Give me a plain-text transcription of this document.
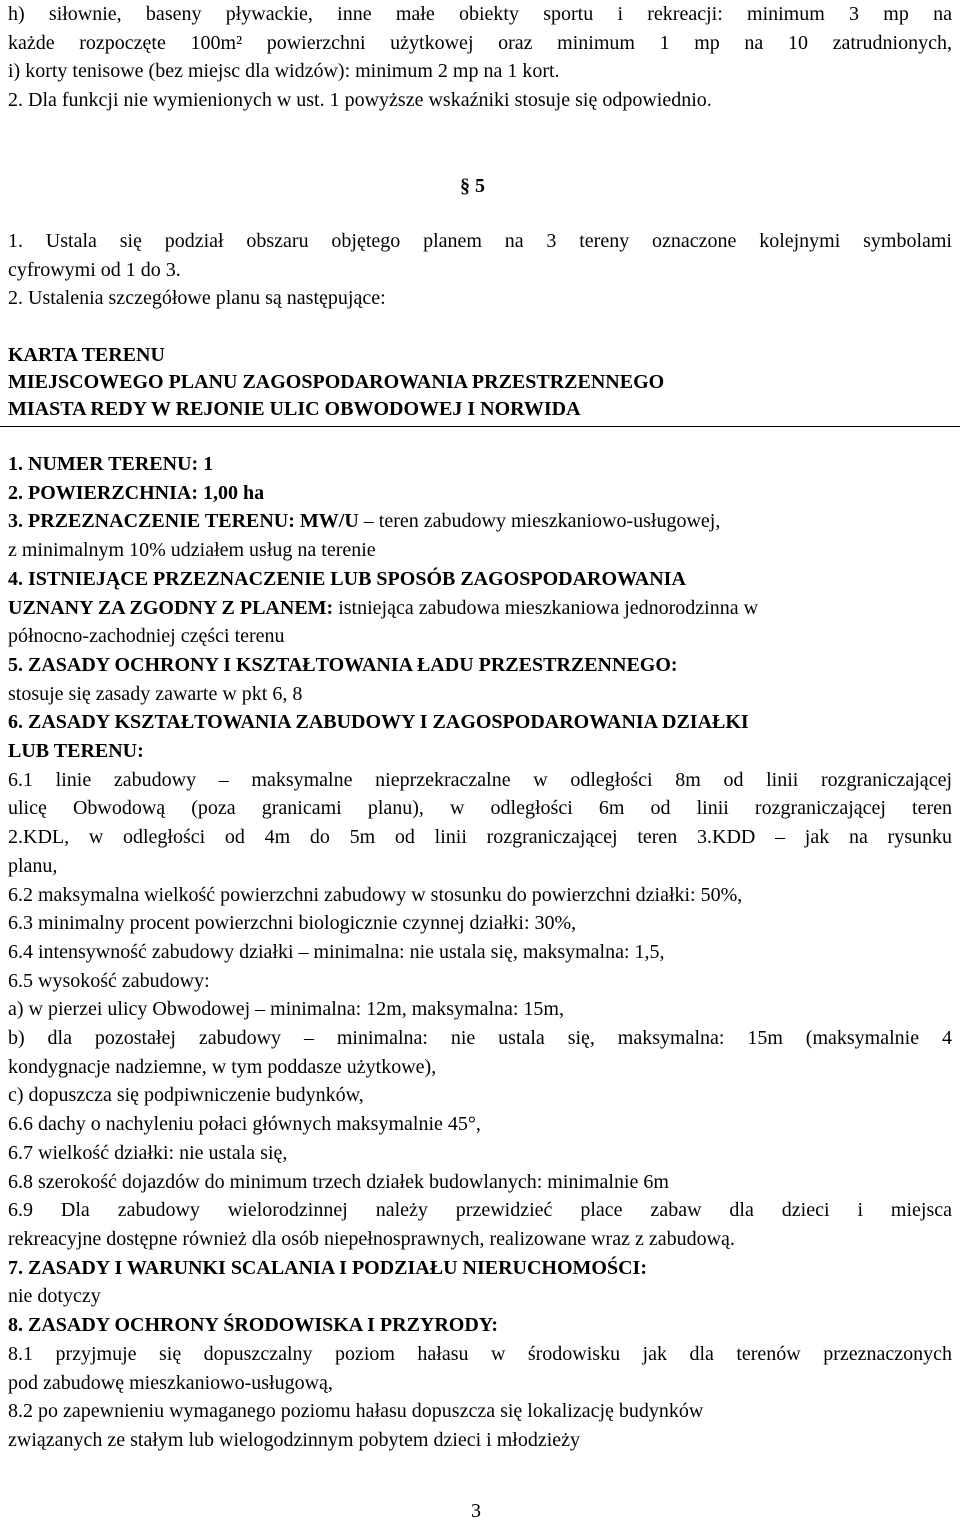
h) siłownie, baseny pływackie, inne małe obiekty sportu i rekreacji: minimum 3 mp na
każde rozpoczęte 100m² powierzchni użytkowej oraz minimum 1 mp na 10 zatrudnionych,
i) korty tenisowe (bez miejsc dla widzów): minimum 2 mp na 1 kort.
2. Dla funkcji nie wymienionych w ust. 1 powyższe wskaźniki stosuje się odpowiednio.
§ 5
1. Ustala się podział obszaru objętego planem na 3 tereny oznaczone kolejnymi symbolami
cyfrowymi od 1 do 3.
2. Ustalenia szczegółowe planu są następujące:
KARTA TERENU
MIEJSCOWEGO PLANU ZAGOSPODAROWANIA PRZESTRZENNEGO
MIASTA REDY W REJONIE ULIC OBWODOWEJ I NORWIDA
1. NUMER TERENU: 1
2. POWIERZCHNIA: 1,00 ha
3. PRZEZNACZENIE TERENU: MW/U – teren zabudowy mieszkaniowo-usługowej,
z minimalnym 10% udziałem usług na terenie
4. ISTNIEJĄCE PRZEZNACZENIE LUB SPOSÓB ZAGOSPODAROWANIA
UZNANY ZA ZGODNY Z PLANEM: istniejąca zabudowa mieszkaniowa jednorodzinna w
północno-zachodniej części terenu
5. ZASADY OCHRONY I KSZTAŁTOWANIA ŁADU PRZESTRZENNEGO:
stosuje się zasady zawarte w pkt 6, 8
6. ZASADY KSZTAŁTOWANIA ZABUDOWY I ZAGOSPODAROWANIA DZIAŁKI
LUB TERENU:
6.1 linie zabudowy – maksymalne nieprzekraczalne w odległości 8m od linii rozgraniczającej
ulicę Obwodową (poza granicami planu), w odległości 6m od linii rozgraniczającej teren
2.KDL, w odległości od 4m do 5m od linii rozgraniczającej teren 3.KDD – jak na rysunku
planu,
6.2 maksymalna wielkość powierzchni zabudowy w stosunku do powierzchni działki: 50%,
6.3 minimalny procent powierzchni biologicznie czynnej działki: 30%,
6.4 intensywność zabudowy działki – minimalna: nie ustala się, maksymalna: 1,5,
6.5 wysokość zabudowy:
a) w pierzei ulicy Obwodowej – minimalna: 12m, maksymalna: 15m,
b) dla pozostałej zabudowy – minimalna: nie ustala się, maksymalna: 15m (maksymalnie 4
kondygnacje nadziemne, w tym poddasze użytkowe),
c) dopuszcza się podpiwniczenie budynków,
6.6 dachy o nachyleniu połaci głównych maksymalnie 45°,
6.7 wielkość działki: nie ustala się,
6.8 szerokość dojazdów do minimum trzech działek budowlanych: minimalnie 6m
6.9 Dla zabudowy wielorodzinnej należy przewidzieć place zabaw dla dzieci i miejsca
rekreacyjne dostępne również dla osób niepełnosprawnych, realizowane wraz z zabudową.
7. ZASADY I WARUNKI SCALANIA I PODZIAŁU NIERUCHOMOŚCI:
nie dotyczy
8. ZASADY OCHRONY ŚRODOWISKA I PRZYRODY:
8.1 przyjmuje się dopuszczalny poziom hałasu w środowisku jak dla terenów przeznaczonych
pod zabudowę mieszkaniowo-usługową,
8.2 po zapewnieniu wymaganego poziomu hałasu dopuszcza się lokalizację budynków
związanych ze stałym lub wielogodzinnym pobytem dzieci i młodzieży
3
